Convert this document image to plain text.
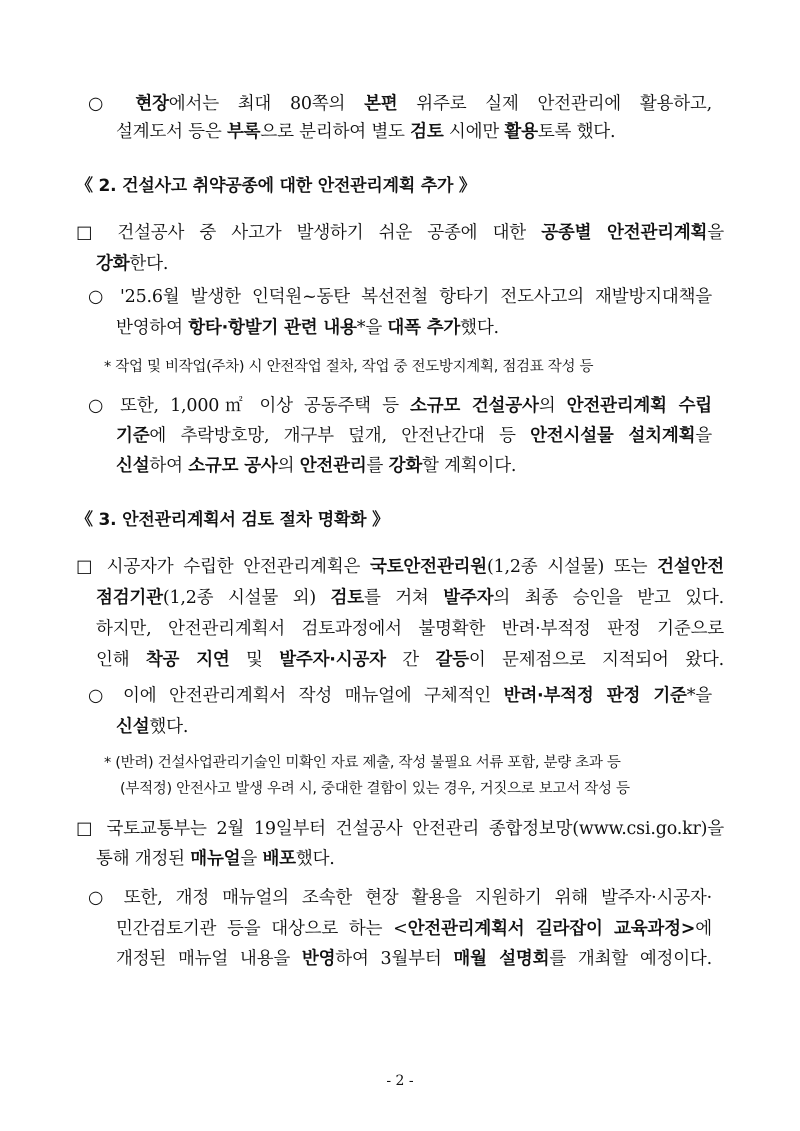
○ 현장에서는 최대 80쪽의 본편 위주로 실제 안전관리에 활용하고,
설계도서 등은 부록으로 분리하여 별도 검토 시에만 활용토록 했다.
《 2. 건설사고 취약공종에 대한 안전관리계획 추가 》
□ 건설공사 중 사고가 발생하기 쉬운 공종에 대한 공종별 안전관리계획을
강화한다.
○ '25.6월 발생한 인덕원~동탄 복선전철 항타기 전도사고의 재발방지대책을
반영하여 항타·항발기 관련 내용*을 대폭 추가했다.
* 작업 및 비작업(주차) 시 안전작업 절차, 작업 중 전도방지계획, 점검표 작성 등
○ 또한, 1,000㎡ 이상 공동주택 등 소규모 건설공사의 안전관리계획 수립
기준에 추락방호망, 개구부 덮개, 안전난간대 등 안전시설물 설치계획을
신설하여 소규모 공사의 안전관리를 강화할 계획이다.
《 3. 안전관리계획서 검토 절차 명확화 》
□ 시공자가 수립한 안전관리계획은 국토안전관리원(1,2종 시설물) 또는 건설안전
점검기관(1,2종 시설물 외) 검토를 거쳐 발주자의 최종 승인을 받고 있다.
하지만, 안전관리계획서 검토과정에서 불명확한 반려·부적정 판정 기준으로
인해 착공 지연 및 발주자·시공자 간 갈등이 문제점으로 지적되어 왔다.
○ 이에 안전관리계획서 작성 매뉴얼에 구체적인 반려·부적정 판정 기준*을
신설했다.
* (반려) 건설사업관리기술인 미확인 자료 제출, 작성 불필요 서류 포함, 분량 초과 등
(부적정) 안전사고 발생 우려 시, 중대한 결함이 있는 경우, 거짓으로 보고서 작성 등
□ 국토교통부는 2월 19일부터 건설공사 안전관리 종합정보망(www.csi.go.kr)을
통해 개정된 매뉴얼을 배포했다.
○ 또한, 개정 매뉴얼의 조속한 현장 활용을 지원하기 위해 발주자·시공자·
민간검토기관 등을 대상으로 하는 <안전관리계획서 길라잡이 교육과정>에
개정된 매뉴얼 내용을 반영하여 3월부터 매월 설명회를 개최할 예정이다.
- 2 -
